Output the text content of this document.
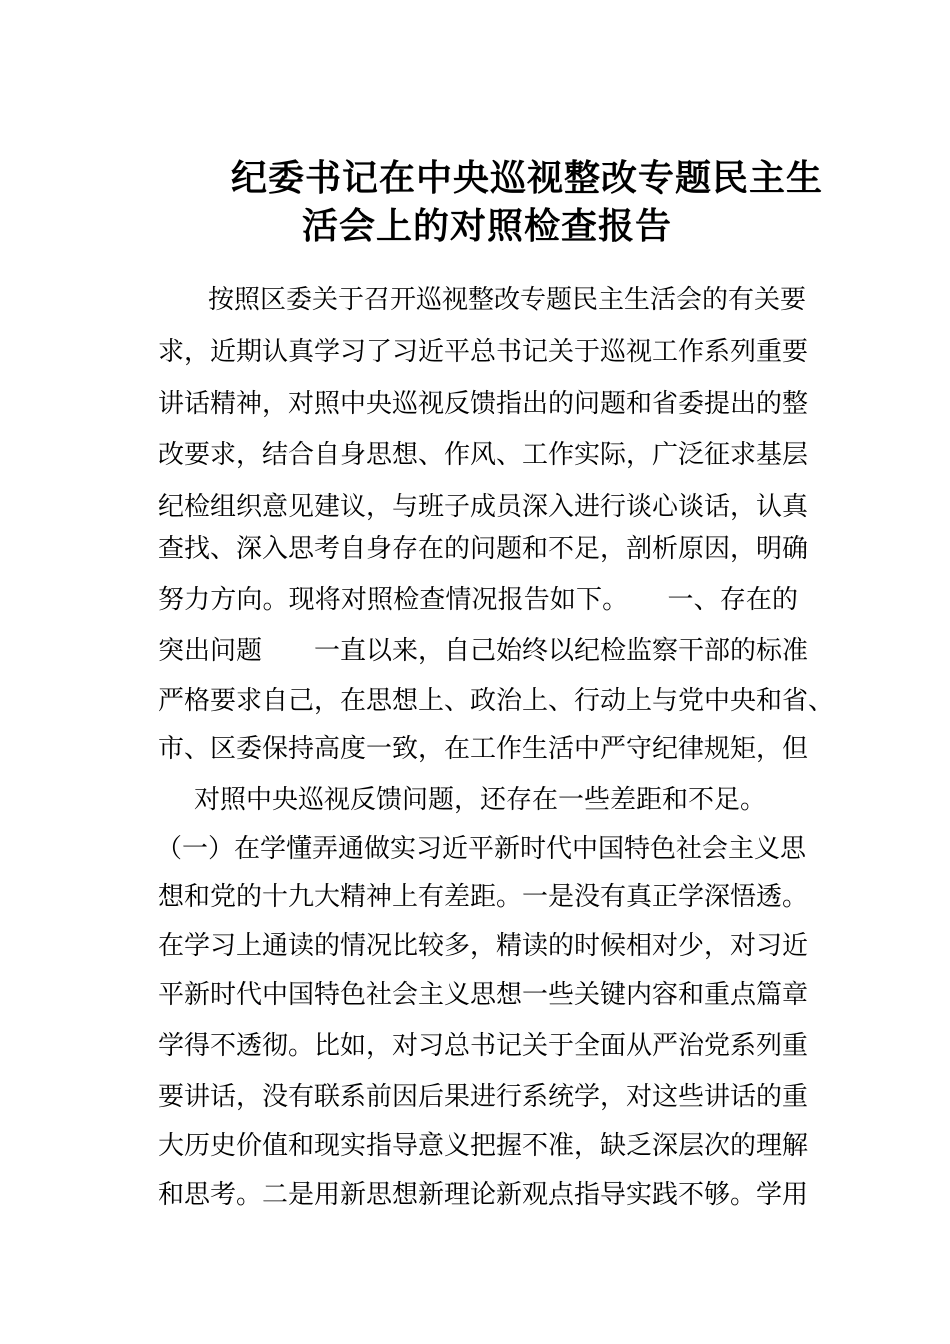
纪委书记在中央巡视整改专题民主生
活会上的对照检查报告
按照区委关于召开巡视整改专题民主生活会的有关要
求，近期认真学习了习近平总书记关于巡视工作系列重要
讲话精神，对照中央巡视反馈指出的问题和省委提出的整
改要求，结合自身思想、作风、工作实际，广泛征求基层
纪检组织意见建议，与班子成员深入进行谈心谈话，认真
查找、深入思考自身存在的问题和不足，剖析原因，明确
努力方向。现将对照检查情况报告如下。　　一、存在的
突出问题　　一直以来，自己始终以纪检监察干部的标准
严格要求自己，在思想上、政治上、行动上与党中央和省、
市、区委保持高度一致，在工作生活中严守纪律规矩，但
对照中央巡视反馈问题，还存在一些差距和不足。
（一）在学懂弄通做实习近平新时代中国特色社会主义思
想和党的十九大精神上有差距。一是没有真正学深悟透。
在学习上通读的情况比较多，精读的时候相对少，对习近
平新时代中国特色社会主义思想一些关键内容和重点篇章
学得不透彻。比如，对习总书记关于全面从严治党系列重
要讲话，没有联系前因后果进行系统学，对这些讲话的重
大历史价值和现实指导意义把握不准，缺乏深层次的理解
和思考。二是用新思想新理论新观点指导实践不够。学用
